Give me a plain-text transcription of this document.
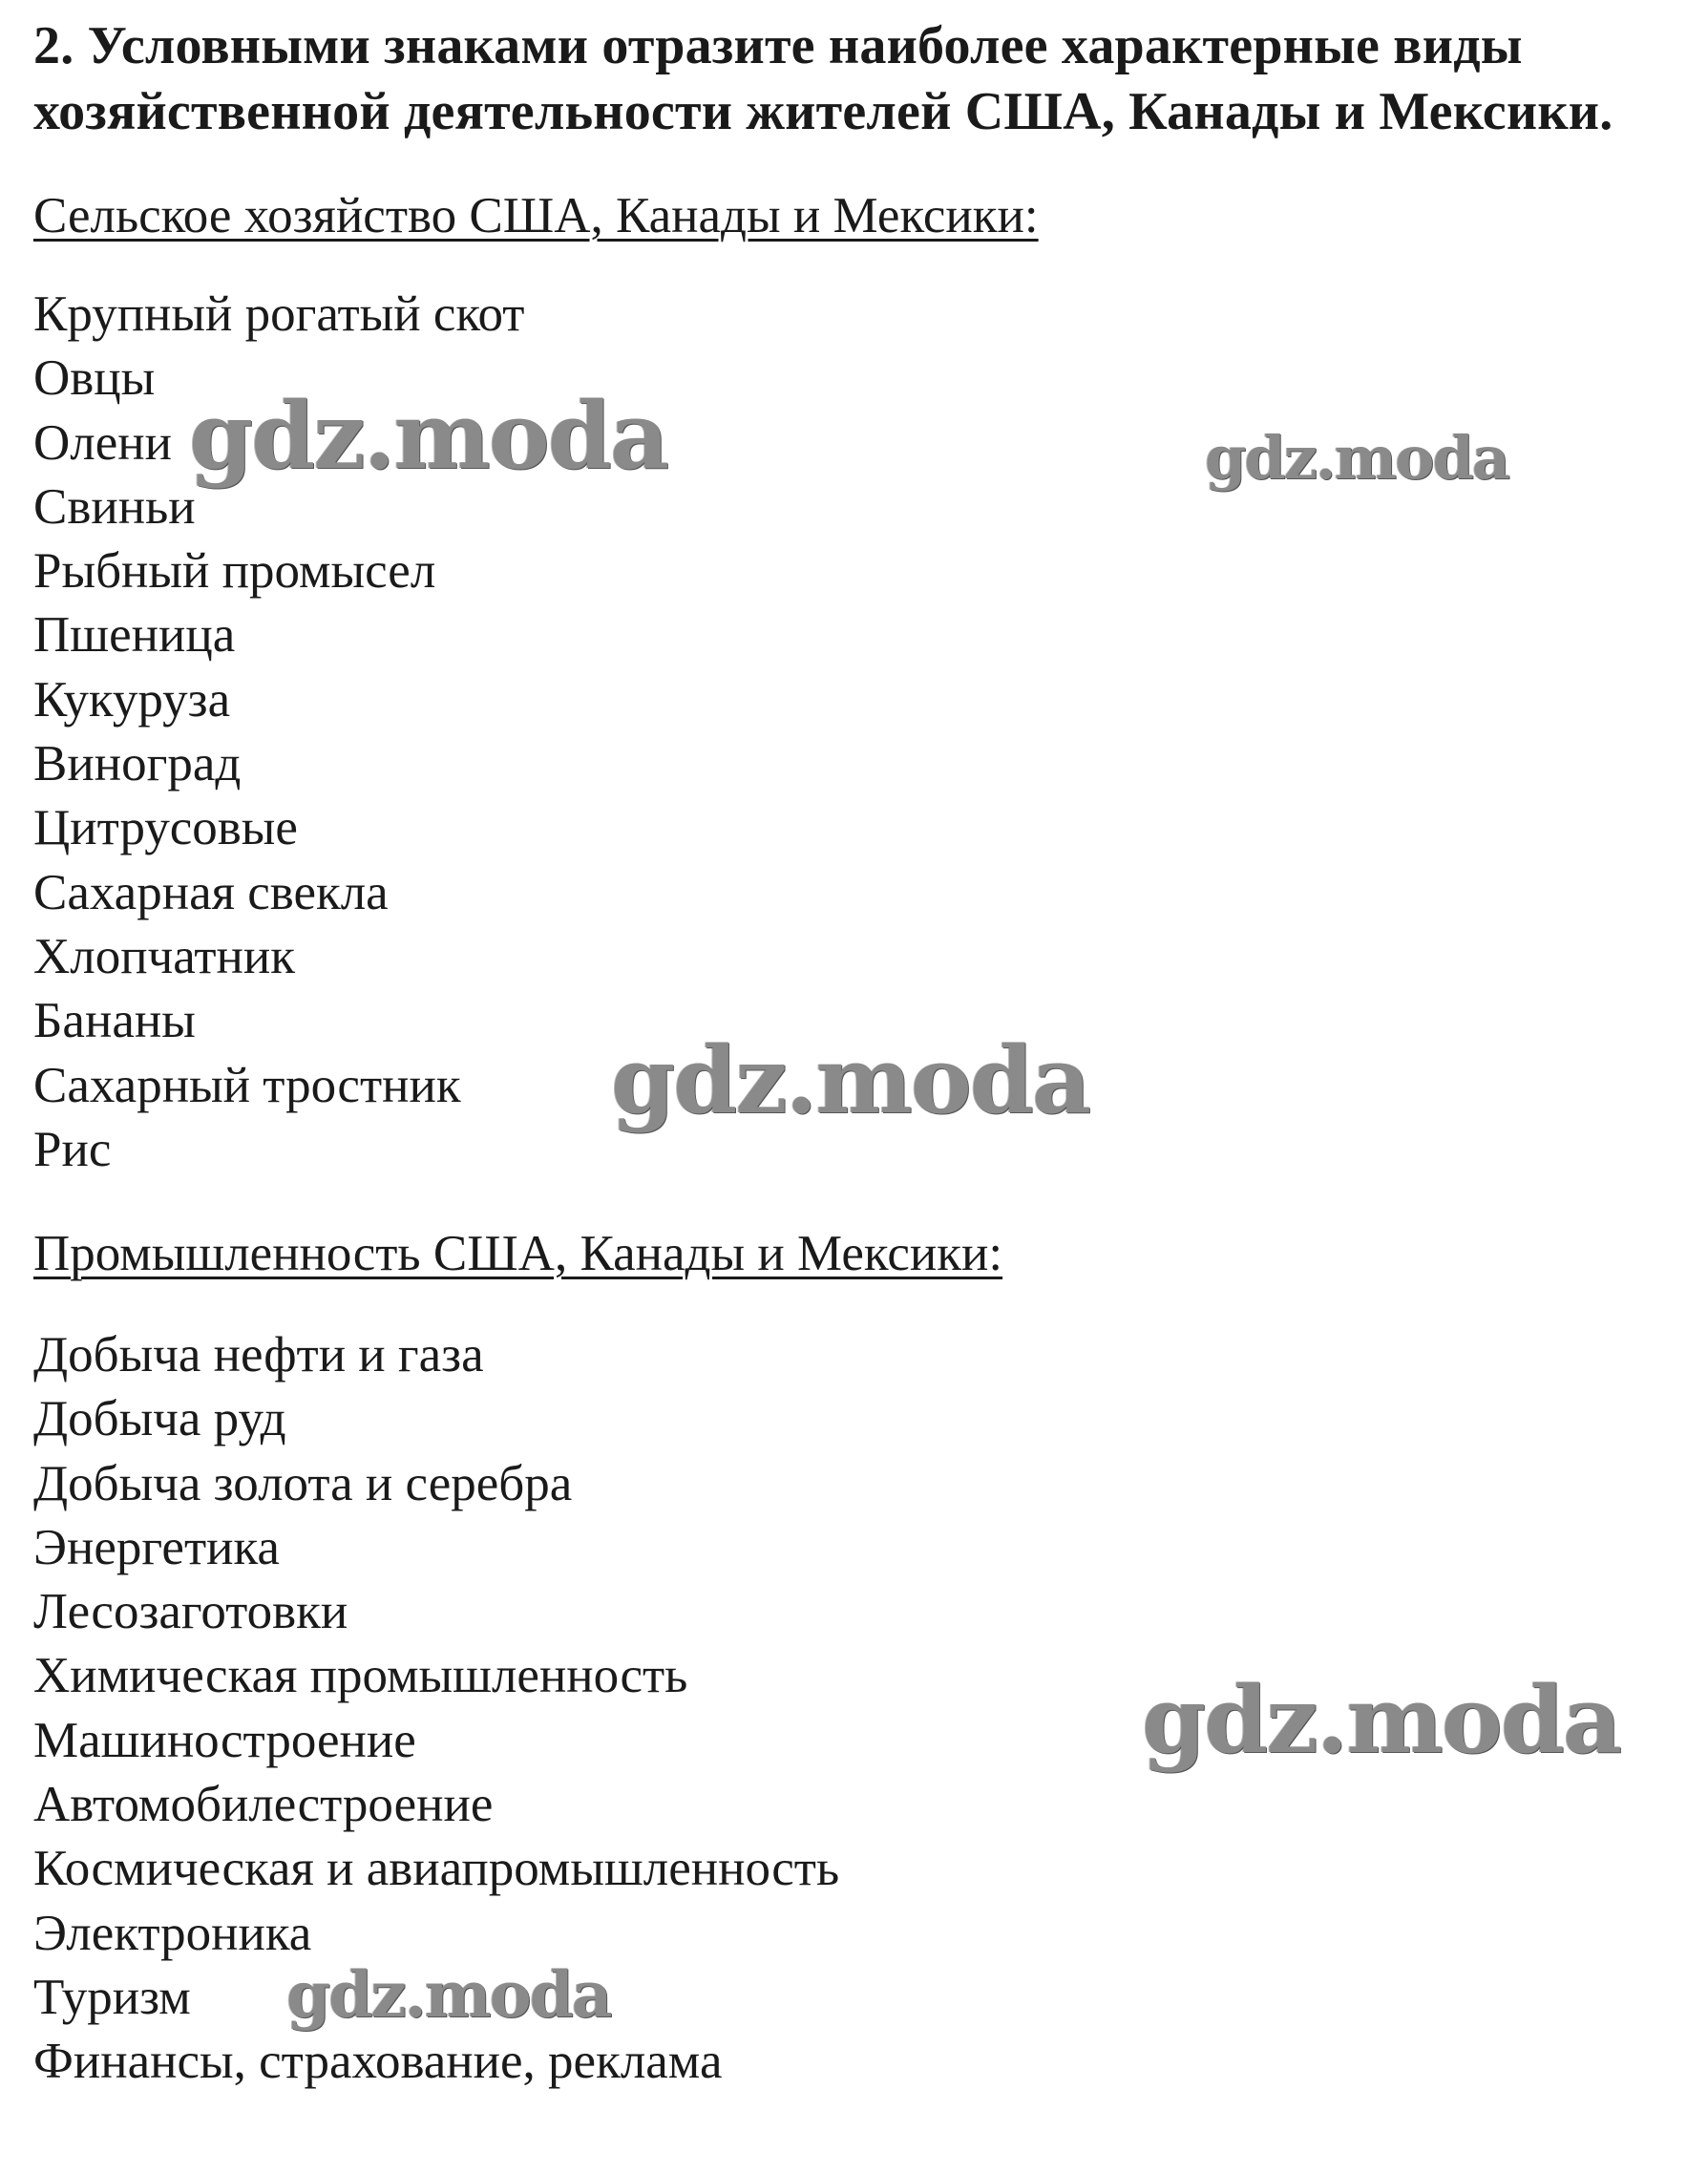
2. Условными знаками отразите наиболее характерные виды хозяйственной деятельности жителей США, Канады и Мексики.
Сельское хозяйство США, Канады и Мексики:
Крупный рогатый скот
Овцы
Олени
Свиньи
Рыбный промысел
Пшеница
Кукуруза
Виноград
Цитрусовые
Сахарная свекла
Хлопчатник
Бананы
Сахарный тростник
Рис
Промышленность США, Канады и Мексики:
Добыча нефти и газа
Добыча руд
Добыча золота и серебра
Энергетика
Лесозаготовки
Химическая промышленность
Машиностроение
Автомобилестроение
Космическая и авиапромышленность
Электроника
Туризм
Финансы, страхование, реклама
gdz.moda	gdz.moda
gdz.moda
gdz.moda
gdz.moda
